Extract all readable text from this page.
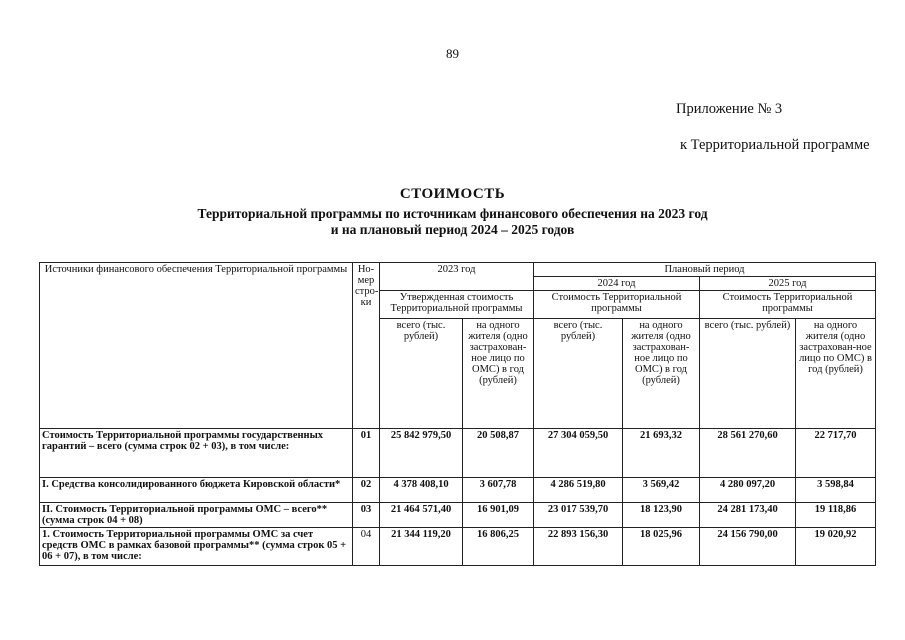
89
Приложение № 3
к Территориальной программе
СТОИМОСТЬ
Территориальной программы по источникам финансового обеспечения на 2023 год
и на плановый период 2024 – 2025 годов
Источники финансового обеспечения Территориальной программы	Но-мер стро-ки	2023 год		Плановый период			
				2024 год		2025 год	
		Утвержденная стоимость Территориальной программы		Стоимость Территориальной программы		Стоимость Территориальной программы	
		всего (тыс. рублей)	на одного жителя (одно застрахован-ное лицо по ОМС) в год (рублей)	всего (тыс. рублей)	на одного жителя (одно застрахован-ное лицо по ОМС) в год (рублей)	всего (тыс. рублей)	на одного жителя (одно застрахован-ное лицо по ОМС) в год (рублей)
Стоимость Территориальной программы государственных гарантий – всего (сумма строк 02 + 03), в том числе:	01	25 842 979,50	20 508,87	27 304 059,50	21 693,32	28 561 270,60	22 717,70
I. Средства консолидированного бюджета Кировской области*	02	4 378 408,10	3 607,78	4 286 519,80	3 569,42	4 280 097,20	3 598,84
II. Стоимость Территориальной программы ОМС – всего** (сумма строк 04 + 08)	03	21 464 571,40	16 901,09	23 017 539,70	18 123,90	24 281 173,40	19 118,86
1. Стоимость Территориальной программы ОМС за счет средств ОМС в рамках базовой программы** (сумма строк 05 + 06 + 07), в том числе:	04	21 344 119,20	16 806,25	22 893 156,30	18 025,96	24 156 790,00	19 020,92
